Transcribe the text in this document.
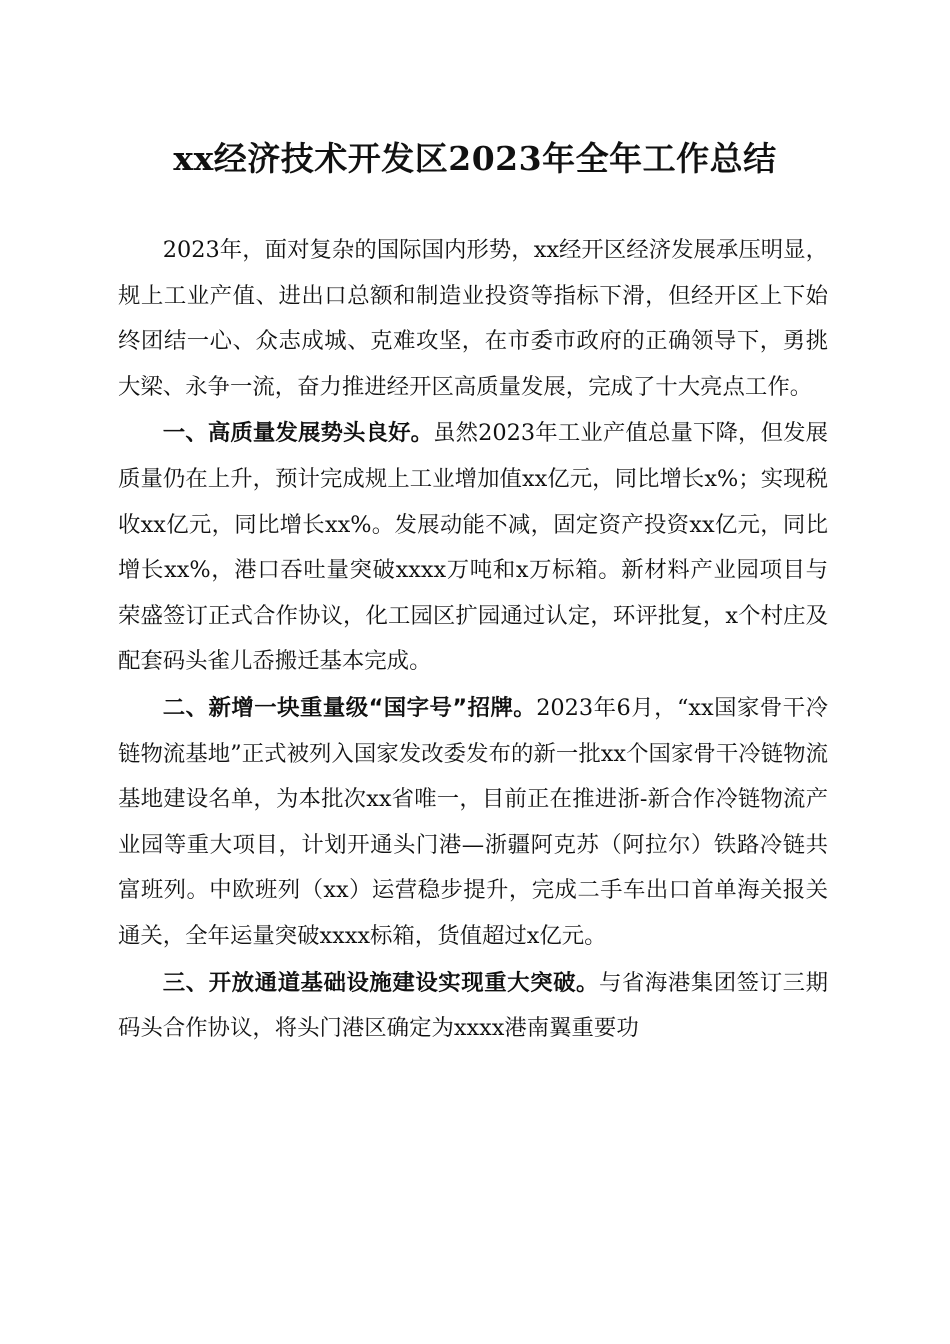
xx经济技术开发区2023年全年工作总结

2023年，面对复杂的国际国内形势，xx经开区经济发展承压明显，规上工业产值、进出口总额和制造业投资等指标下滑，但经开区上下始终团结一心、众志成城、克难攻坚，在市委市政府的正确领导下，勇挑大梁、永争一流，奋力推进经开区高质量发展，完成了十大亮点工作。

一、高质量发展势头良好。虽然2023年工业产值总量下降，但发展质量仍在上升，预计完成规上工业增加值xx亿元，同比增长x%；实现税收xx亿元，同比增长xx%。发展动能不减，固定资产投资xx亿元，同比增长xx%，港口吞吐量突破xxxx万吨和x万标箱。新材料产业园项目与荣盛签订正式合作协议，化工园区扩园通过认定，环评批复，x个村庄及配套码头雀儿岙搬迁基本完成。

二、新增一块重量级“国字号”招牌。2023年6月，“xx国家骨干冷链物流基地”正式被列入国家发改委发布的新一批xx个国家骨干冷链物流基地建设名单，为本批次xx省唯一，目前正在推进浙-新合作冷链物流产业园等重大项目，计划开通头门港—浙疆阿克苏（阿拉尔）铁路冷链共富班列。中欧班列（xx）运营稳步提升，完成二手车出口首单海关报关通关，全年运量突破xxxx标箱，货值超过x亿元。

三、开放通道基础设施建设实现重大突破。与省海港集团签订三期码头合作协议，将头门港区确定为xxxx港南翼重要功
